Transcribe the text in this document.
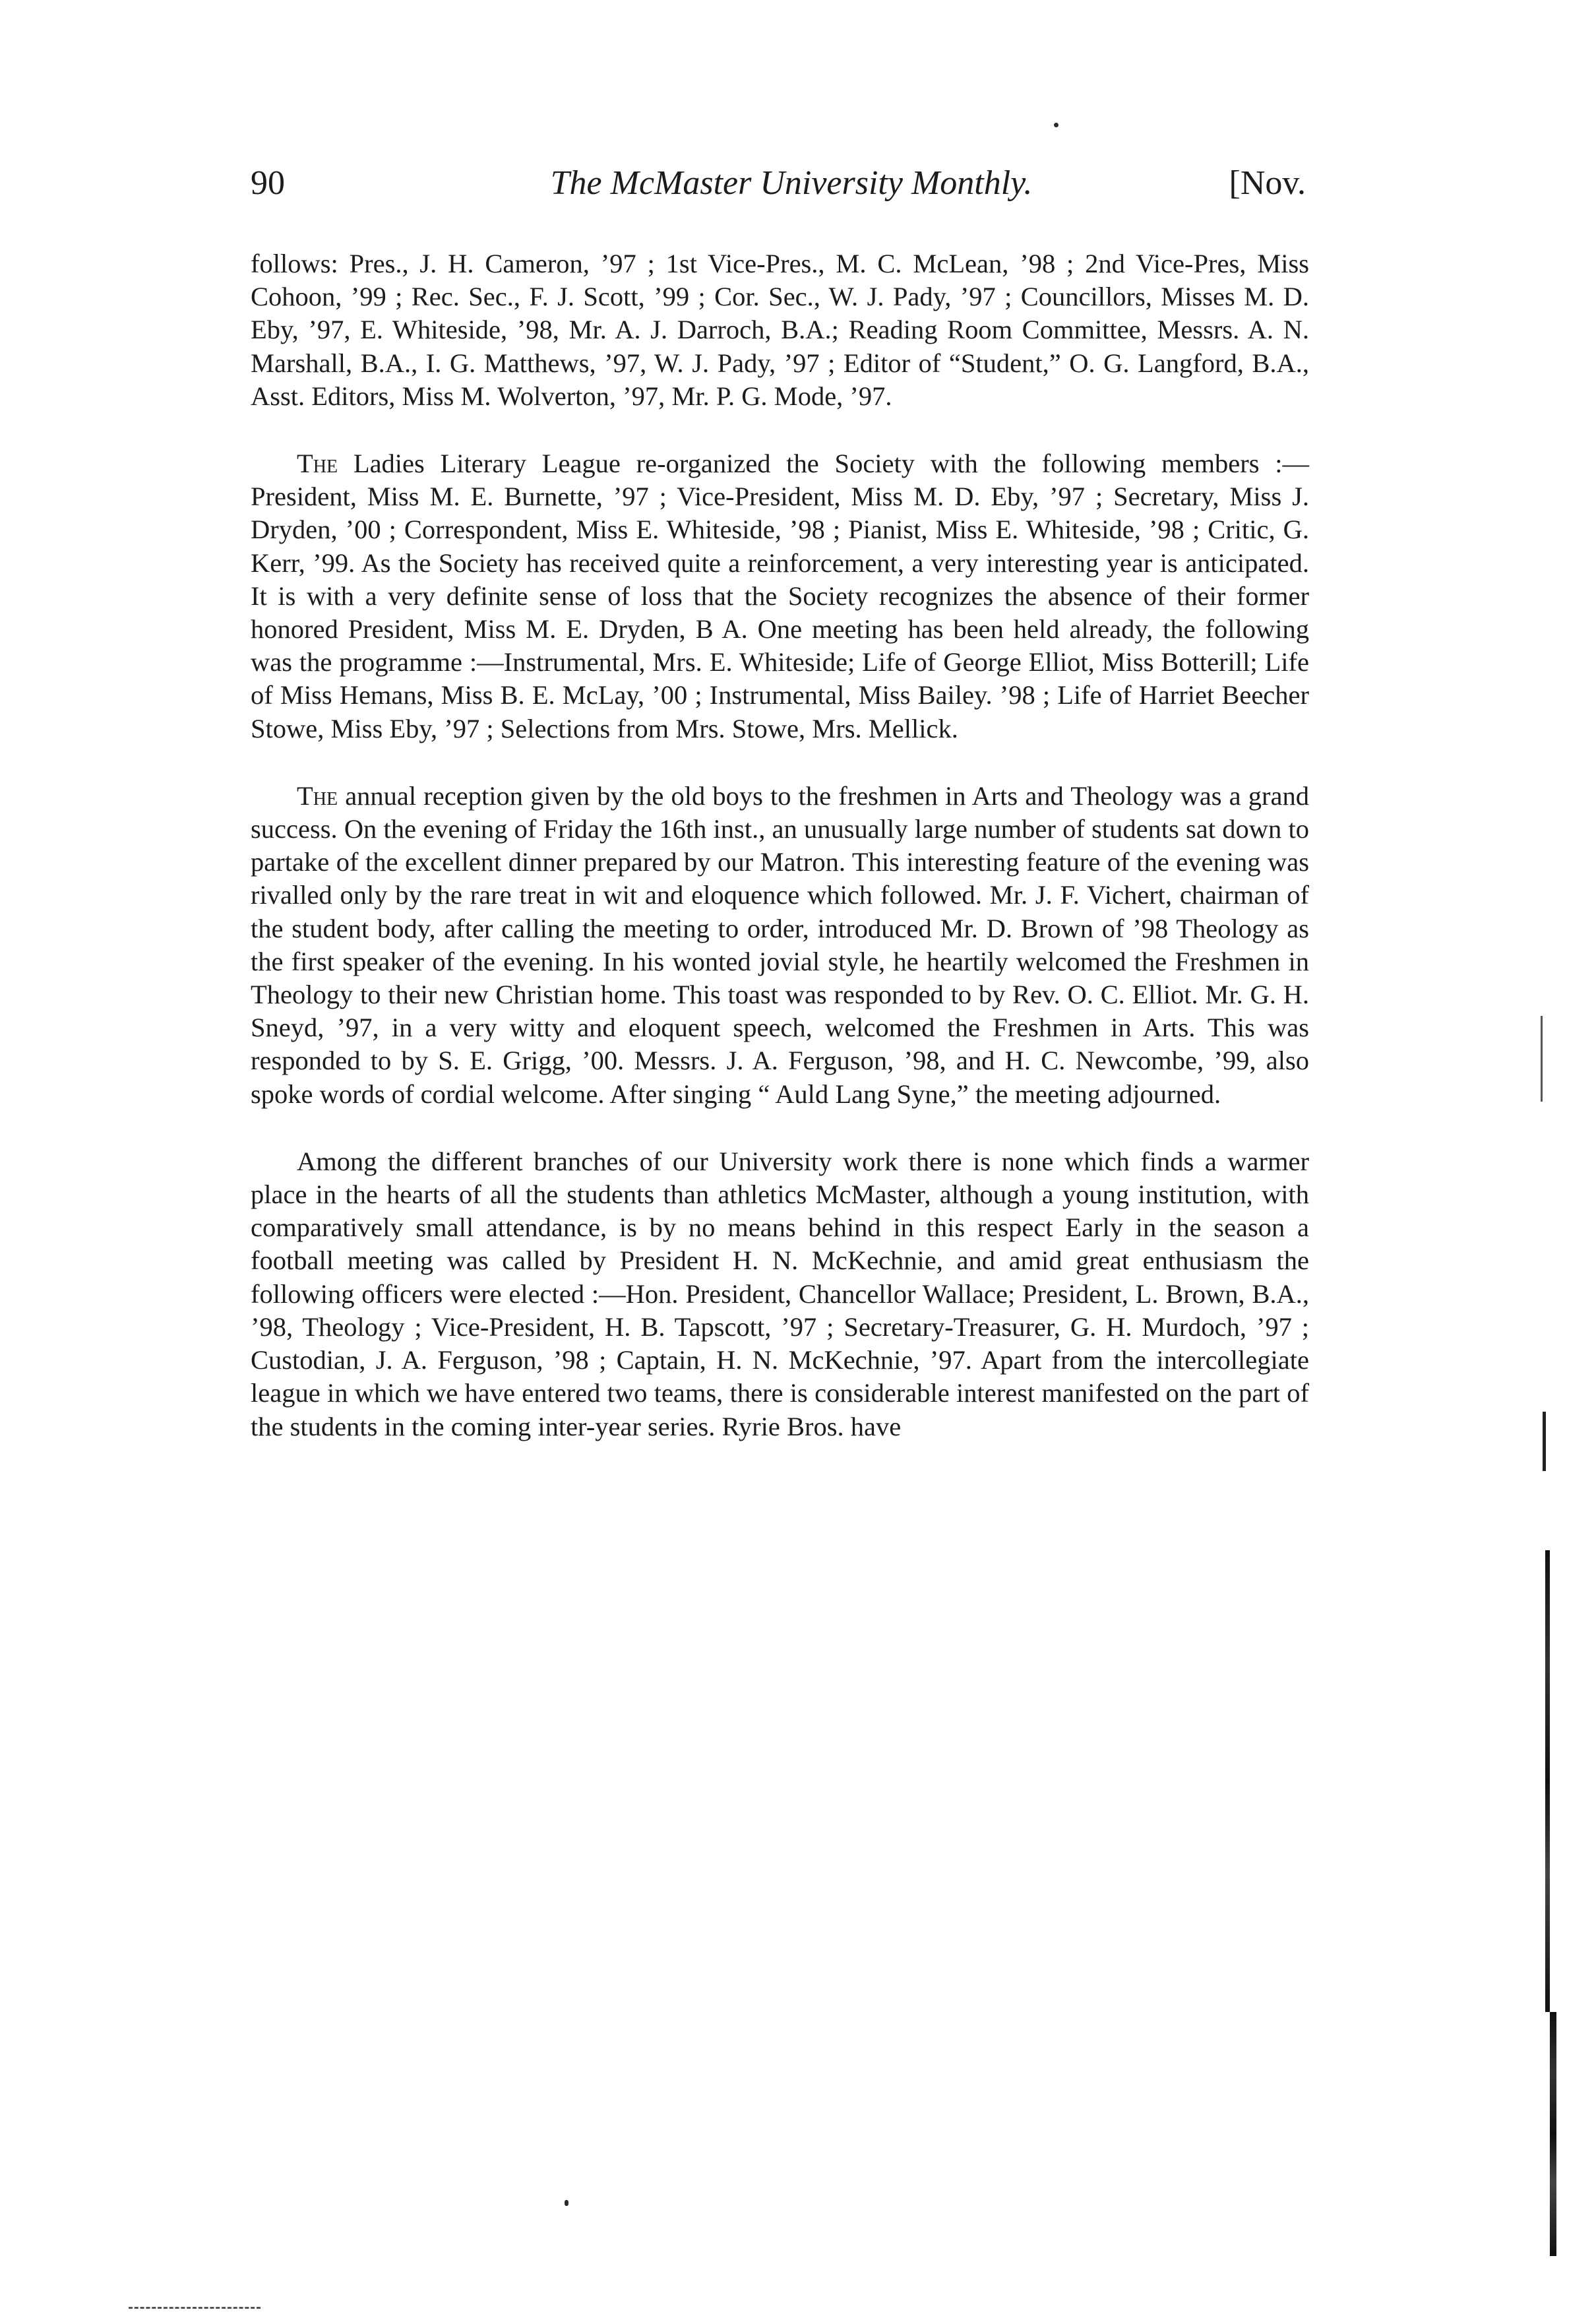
90	The McMaster University Monthly.	[Nov.

follows: Pres., J. H. Cameron, ’97 ; 1st Vice-Pres., M. C. McLean, ’98 ; 2nd Vice-Pres, Miss Cohoon, ’99 ; Rec. Sec., F. J. Scott, ’99 ; Cor. Sec., W. J. Pady, ’97 ; Councillors, Misses M. D. Eby, ’97, E. Whiteside, ’98, Mr. A. J. Darroch, B.A.; Reading Room Committee, Messrs. A. N. Marshall, B.A., I. G. Matthews, ’97, W. J. Pady, ’97 ; Editor of “Student,” O. G. Langford, B.A., Asst. Editors, Miss M. Wolverton, ’97, Mr. P. G. Mode, ’97.

The Ladies Literary League re-organized the Society with the following members :—President, Miss M. E. Burnette, ’97 ; Vice-President, Miss M. D. Eby, ’97 ; Secretary, Miss J. Dryden, ’00 ; Correspondent, Miss E. Whiteside, ’98 ; Pianist, Miss E. Whiteside, ’98 ; Critic, G. Kerr, ’99. As the Society has received quite a reinforcement, a very interesting year is anticipated. It is with a very definite sense of loss that the Society recognizes the absence of their former honored President, Miss M. E. Dryden, B A. One meeting has been held already, the following was the programme :—Instrumental, Mrs. E. Whiteside; Life of George Elliot, Miss Botterill; Life of Miss Hemans, Miss B. E. McLay, ’00 ; Instrumental, Miss Bailey. ’98 ; Life of Harriet Beecher Stowe, Miss Eby, ’97 ; Selections from Mrs. Stowe, Mrs. Mellick.

The annual reception given by the old boys to the freshmen in Arts and Theology was a grand success. On the evening of Friday the 16th inst., an unusually large number of students sat down to partake of the excellent dinner prepared by our Matron. This interesting feature of the evening was rivalled only by the rare treat in wit and eloquence which followed. Mr. J. F. Vichert, chairman of the student body, after calling the meeting to order, introduced Mr. D. Brown of ’98 Theology as the first speaker of the evening. In his wonted jovial style, he heartily welcomed the Freshmen in Theology to their new Christian home. This toast was responded to by Rev. O. C. Elliot. Mr. G. H. Sneyd, ’97, in a very witty and eloquent speech, welcomed the Freshmen in Arts. This was responded to by S. E. Grigg, ’00. Messrs. J. A. Ferguson, ’98, and H. C. Newcombe, ’99, also spoke words of cordial welcome. After singing “ Auld Lang Syne,” the meeting adjourned.

Among the different branches of our University work there is none which finds a warmer place in the hearts of all the students than athletics McMaster, although a young institution, with comparatively small attendance, is by no means behind in this respect Early in the season a football meeting was called by President H. N. McKechnie, and amid great enthusiasm the following officers were elected :—Hon. President, Chancellor Wallace; President, L. Brown, B.A., ’98, Theology ; Vice-President, H. B. Tapscott, ’97 ; Secretary-Treasurer, G. H. Murdoch, ’97 ; Custodian, J. A. Ferguson, ’98 ; Captain, H. N. McKechnie, ’97. Apart from the intercollegiate league in which we have entered two teams, there is considerable interest manifested on the part of the students in the coming inter-year series. Ryrie Bros. have
